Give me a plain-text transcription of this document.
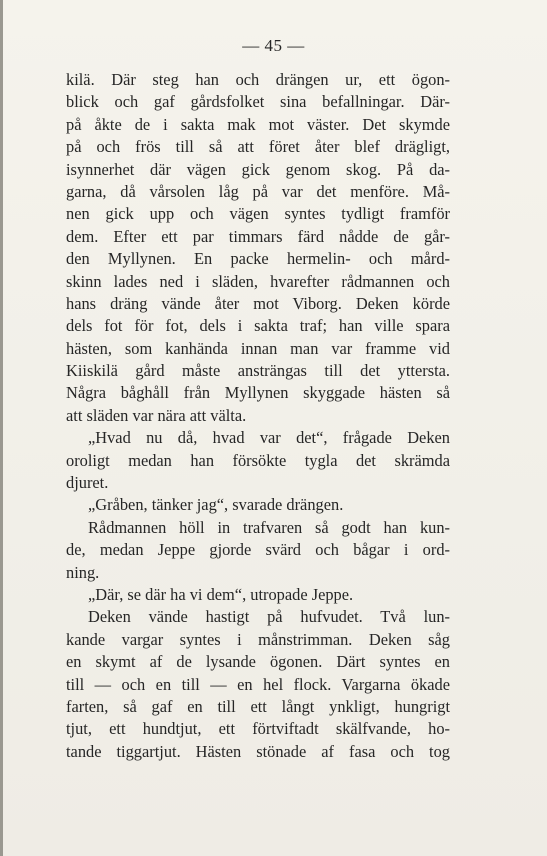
— 45 —
kilä. Där steg han och drängen ur, ett ögon-
blick och gaf gårdsfolket sina befallningar. Där-
på åkte de i sakta mak mot väster. Det skymde
på och frös till så att föret åter blef drägligt,
isynnerhet där vägen gick genom skog. På da-
garna, då vårsolen låg på var det menföre. Må-
nen gick upp och vägen syntes tydligt framför
dem. Efter ett par timmars färd nådde de går-
den Myllynen. En packe hermelin- och mård-
skinn lades ned i släden, hvarefter rådmannen och
hans dräng vände åter mot Viborg. Deken körde
dels fot för fot, dels i sakta traf; han ville spara
hästen, som kanhända innan man var framme vid
Kiiskilä gård måste ansträngas till det yttersta.
Några båghåll från Myllynen skyggade hästen så
att släden var nära att välta.
„Hvad nu då, hvad var det“, frågade Deken
oroligt medan han försökte tygla det skrämda
djuret.
„Gråben, tänker jag“, svarade drängen.
Rådmannen höll in trafvaren så godt han kun-
de, medan Jeppe gjorde svärd och bågar i ord-
ning.
„Där, se där ha vi dem“, utropade Jeppe.
Deken vände hastigt på hufvudet. Två lun-
kande vargar syntes i månstrimman. Deken såg
en skymt af de lysande ögonen. Därt syntes en
till — och en till — en hel flock. Vargarna ökade
farten, så gaf en till ett långt ynkligt, hungrigt
tjut, ett hundtjut, ett förtviftadt skälfvande, ho-
tande tiggartjut. Hästen stönade af fasa och tog
